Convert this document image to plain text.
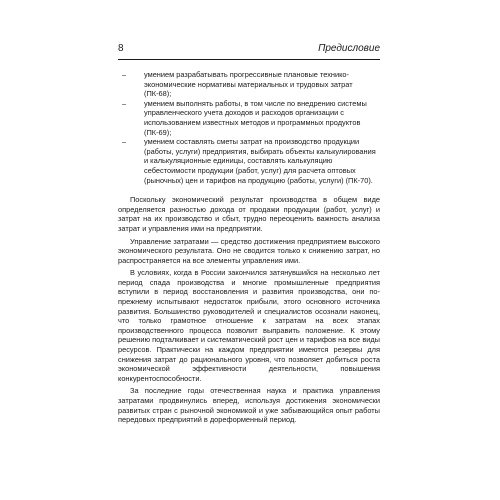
8	Предисловие
– умением разрабатывать прогрессивные плановые технико-экономические нормативы материальных и трудовых затрат (ПК-68);
– умением выполнять работы, в том числе по внедрению системы управленческого учета доходов и расходов организации с использованием известных методов и программных продуктов (ПК-69);
– умением составлять сметы затрат на производство продукции (работы, услуги) предприятия, выбирать объекты калькулирования и калькуляционные единицы, составлять калькуляцию себестоимости продукции (работ, услуг) для расчета оптовых (рыночных) цен и тарифов на продукцию (работы, услуги) (ПК-70).

Поскольку экономический результат производства в общем виде определяется разностью дохода от продажи продукции (работ, услуг) и затрат на их производство и сбыт, трудно переоценить важность анализа затрат и управления ими на предприятии.

Управление затратами — средство достижения предприятием высокого экономического результата. Оно не сводится только к снижению затрат, но распространяется на все элементы управления ими.

В условиях, когда в России закончился затянувшийся на несколько лет период спада производства и многие промышленные предприятия вступили в период восстановления и развития производства, они по-прежнему испытывают недостаток прибыли, этого основного источника развития. Большинство руководителей и специалистов осознали наконец, что только грамотное отношение к затратам на всех этапах производственного процесса позволит выправить положение. К этому решению подталкивает и систематический рост цен и тарифов на все виды ресурсов. Практически на каждом предприятии имеются резервы для снижения затрат до рационального уровня, что позволяет добиться роста экономической эффективности деятельности, повышения конкурентоспособности.

За последние годы отечественная наука и практика управления затратами продвинулись вперед, используя достижения экономически развитых стран с рыночной экономикой и уже забывающийся опыт работы передовых предприятий в дореформенный период.
